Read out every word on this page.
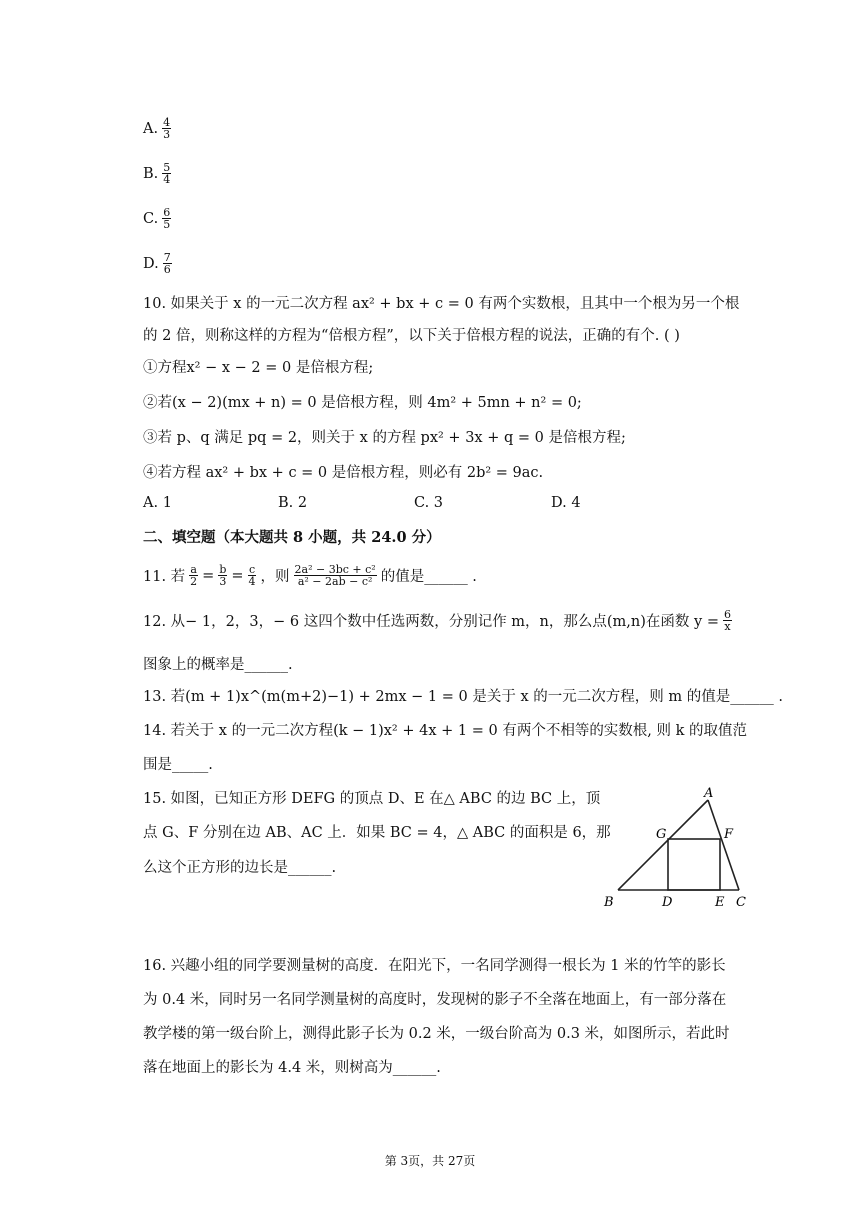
A. $\frac{4}{3}$
B. $\frac{5}{4}$
C. $\frac{6}{5}$
D. $\frac{7}{6}$
10. 如果关于 x 的一元二次方程 ax² + bx + c = 0 有两个实数根，且其中一个根为另一个根
的 2 倍，则称这样的方程为“倍根方程”，以下关于倍根方程的说法，正确的有个. ( )
①方程x² − x − 2 = 0 是倍根方程;
②若(x − 2)(mx + n) = 0 是倍根方程，则 4m² + 5mn + n² = 0;
③若 p、q 满足 pq = 2，则关于 x 的方程 px² + 3x + q = 0 是倍根方程;
④若方程 ax² + bx + c = 0 是倍根方程，则必有 2b² = 9ac.
A. 1	B. 2	C. 3	D. 4
二、填空题（本大题共 8 小题，共 24.0 分）
11. 若 $\frac{a}{2} = \frac{b}{3} = \frac{c}{4}$ ，则 $\frac{\text{2a² − 3bc + c²}}{\text{a² − 2ab − c²}}$ 的值是______ .
12. 从− 1，2，3，− 6 这四个数中任选两数，分别记作 m，n，那么点(m,n)在函数 $y = \frac{6}{x}$
图象上的概率是______.
13. 若(m + 1)x^(m(m+2)−1) + 2mx − 1 = 0 是关于 x 的一元二次方程，则 m 的值是______ .
14. 若关于 x 的一元二次方程(k − 1)x² + 4x + 1 = 0 有两个不相等的实数根, 则 k 的取值范
围是_____.
15. 如图，已知正方形 DEFG 的顶点 D、E 在△ ABC 的边 BC 上，顶
点 G、F 分别在边 AB、AC 上．如果 BC = 4，△ ABC 的面积是 6，那
么这个正方形的边长是______.
A
B	C
D	E
F
G
16. 兴趣小组的同学要测量树的高度．在阳光下，一名同学测得一根长为 1 米的竹竿的影长
为 0.4 米，同时另一名同学测量树的高度时，发现树的影子不全落在地面上，有一部分落在
教学楼的第一级台阶上，测得此影子长为 0.2 米，一级台阶高为 0.3 米，如图所示，若此时
落在地面上的影长为 4.4 米，则树高为______.
第 3页，共 27页
